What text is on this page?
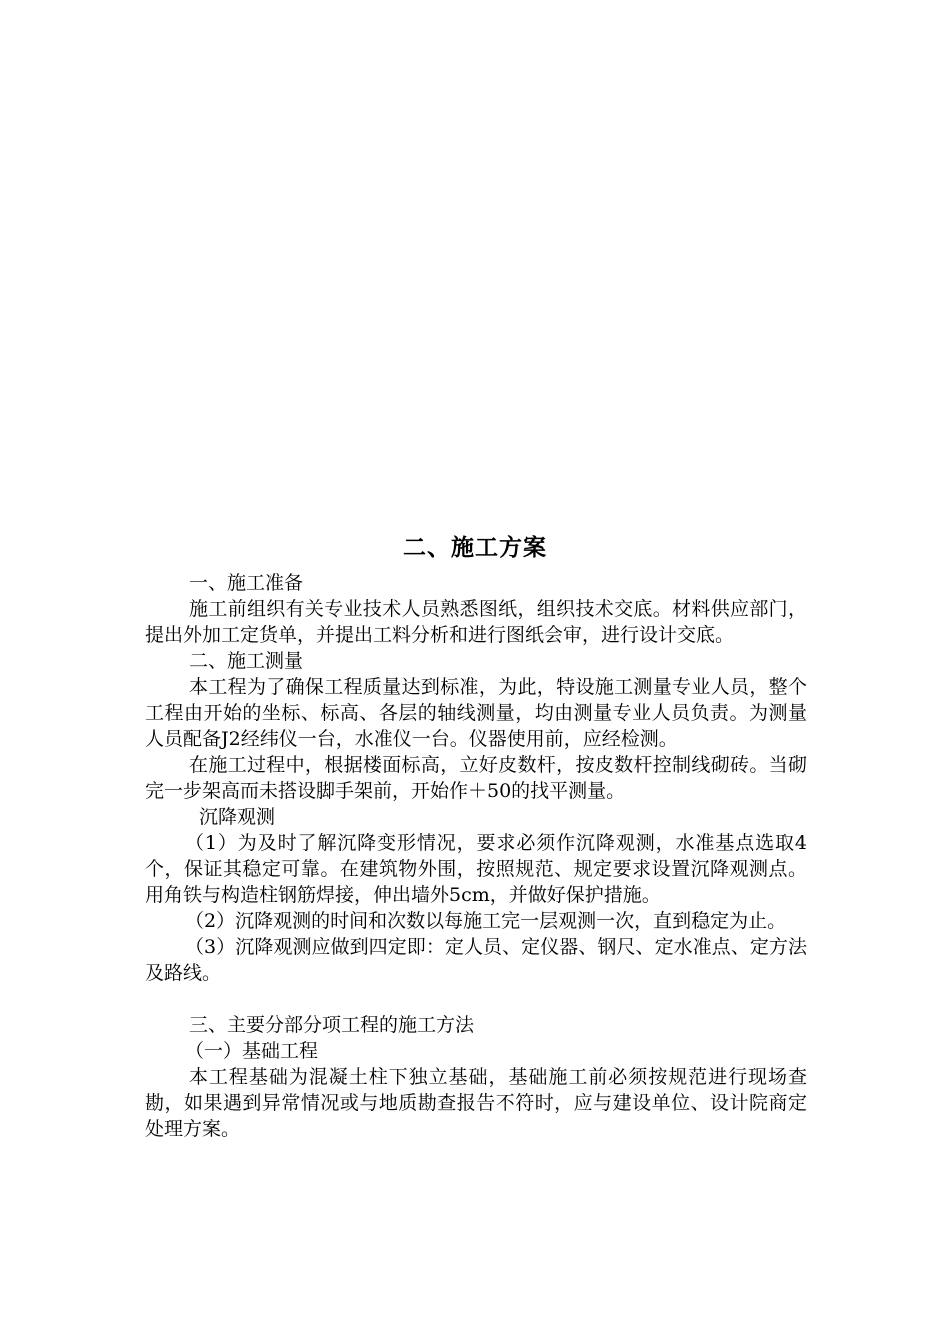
二、施工方案

一、施工准备

施工前组织有关专业技术人员熟悉图纸，组织技术交底。材料供应部门，提出外加工定货单，并提出工料分析和进行图纸会审，进行设计交底。

二、施工测量

本工程为了确保工程质量达到标准，为此，特设施工测量专业人员，整个工程由开始的坐标、标高、各层的轴线测量，均由测量专业人员负责。为测量人员配备J2经纬仪一台，水准仪一台。仪器使用前，应经检测。

在施工过程中，根据楼面标高，立好皮数杆，按皮数杆控制线砌砖。当砌完一步架高而未搭设脚手架前，开始作＋50的找平测量。

沉降观测

（1）为及时了解沉降变形情况，要求必须作沉降观测，水准基点选取4个，保证其稳定可靠。在建筑物外围，按照规范、规定要求设置沉降观测点。用角铁与构造柱钢筋焊接，伸出墙外5cm，并做好保护措施。

（2）沉降观测的时间和次数以每施工完一层观测一次，直到稳定为止。

（3）沉降观测应做到四定即：定人员、定仪器、钢尺、定水准点、定方法及路线。

三、主要分部分项工程的施工方法

（一）基础工程

本工程基础为混凝土柱下独立基础，基础施工前必须按规范进行现场查勘，如果遇到异常情况或与地质勘查报告不符时，应与建设单位、设计院商定处理方案。
